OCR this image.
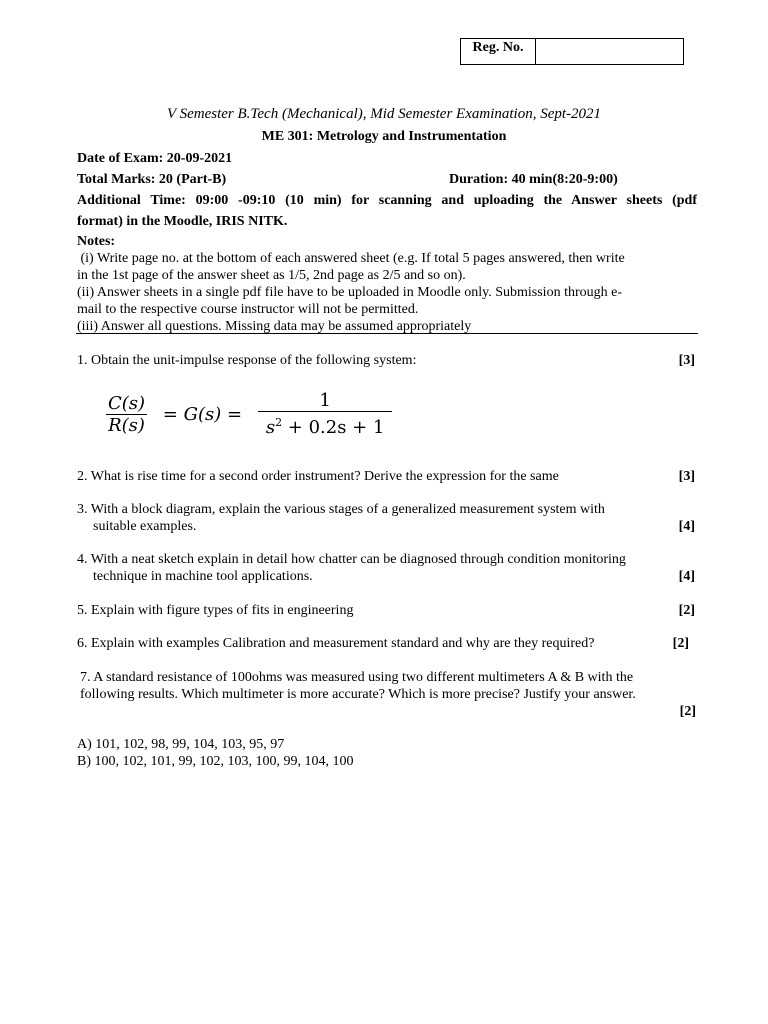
Reg. No.
V Semester B.Tech (Mechanical), Mid Semester Examination, Sept-2021
ME 301: Metrology and Instrumentation
Date of Exam: 20-09-2021
Total Marks: 20 (Part-B)	Duration: 40 min(8:20-9:00)
Additional Time: 09:00 -09:10 (10 min) for scanning and uploading the Answer sheets (pdf
format) in the Moodle, IRIS NITK.
Notes:
(i) Write page no. at the bottom of each answered sheet (e.g. If total 5 pages answered, then write
in the 1st page of the answer sheet as 1/5, 2nd page as 2/5 and so on).
(ii) Answer sheets in a single pdf file have to be uploaded in Moodle only. Submission through e-
mail to the respective course instructor will not be permitted.
(iii) Answer all questions. Missing data may be assumed appropriately
1. Obtain the unit-impulse response of the following system:	[3]
$\frac{C(s)}{R(s)} = G(s) = \frac{1}{s^2 + 0.2s + 1}$
2. What is rise time for a second order instrument? Derive the expression for the same	[3]
3. With a block diagram, explain the various stages of a generalized measurement system with
suitable examples.	[4]
4. With a neat sketch explain in detail how chatter can be diagnosed through condition monitoring
technique in machine tool applications.	[4]
5. Explain with figure types of fits in engineering	[2]
6. Explain with examples Calibration and measurement standard and why are they required?	[2]
7. A standard resistance of 100ohms was measured using two different multimeters A & B with the
following results. Which multimeter is more accurate? Which is more precise? Justify your answer.
[2]
A) 101, 102, 98, 99, 104, 103, 95, 97
B) 100, 102, 101, 99, 102, 103, 100, 99, 104, 100
